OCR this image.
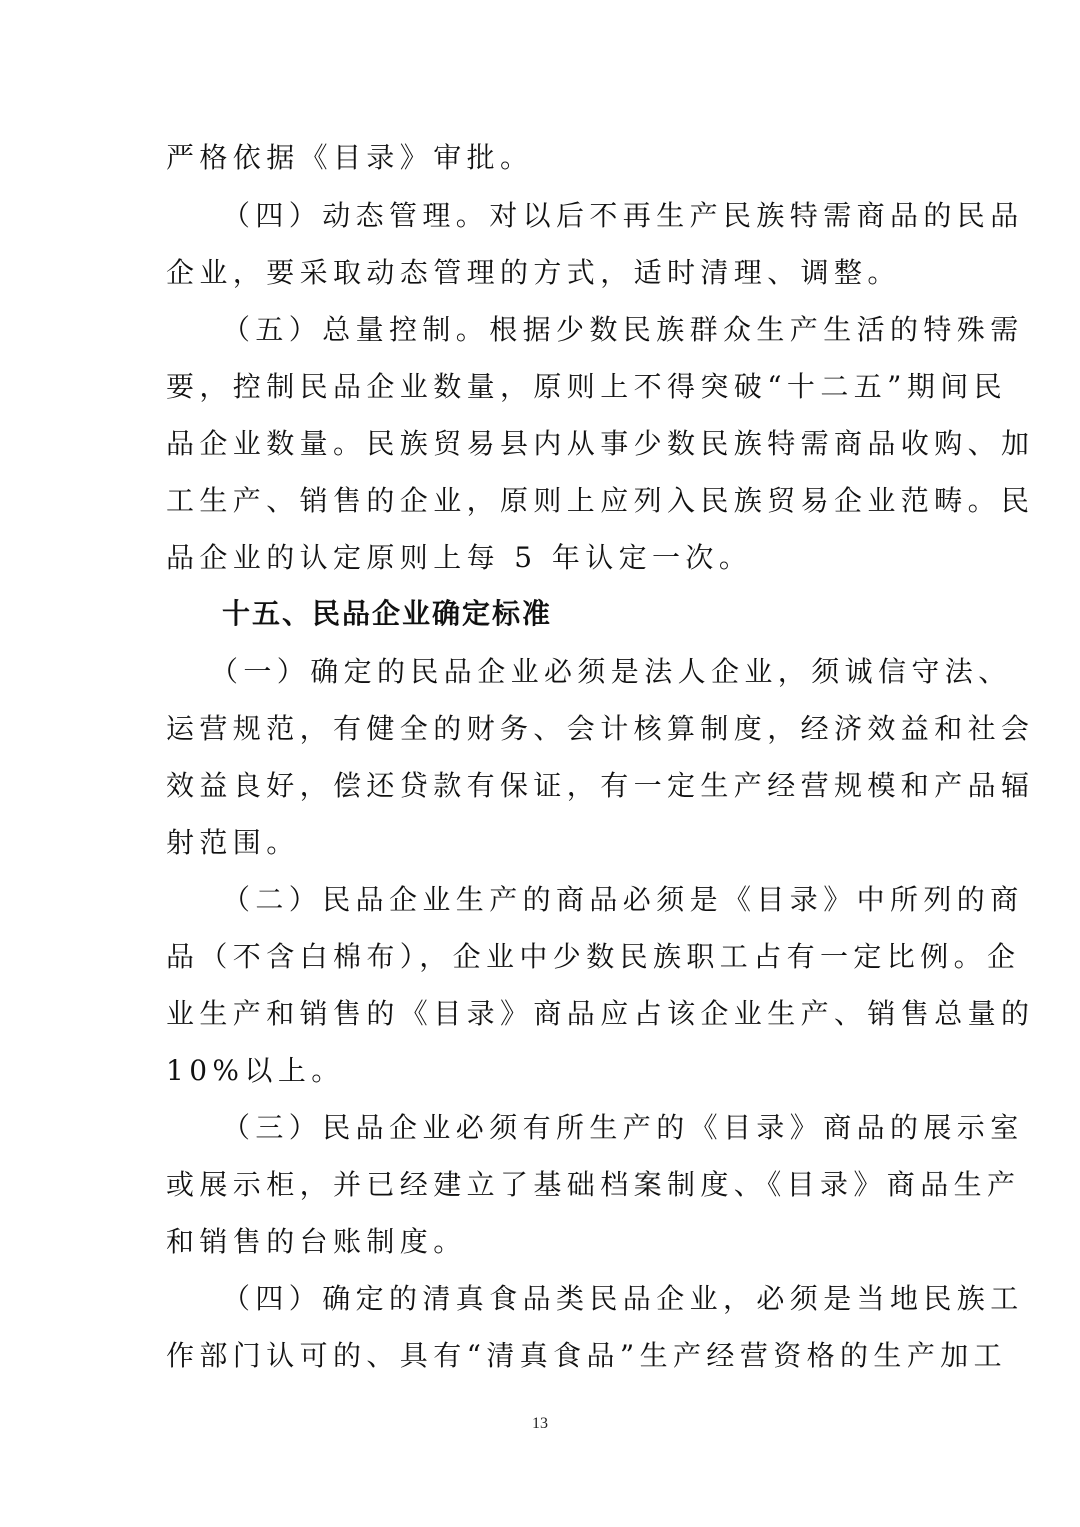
严格依据《目录》审批。
（四）动态管理。对以后不再生产民族特需商品的民品
企业，要采取动态管理的方式，适时清理、调整。
（五）总量控制。根据少数民族群众生产生活的特殊需
要，控制民品企业数量，原则上不得突破“十二五”期间民
品企业数量。民族贸易县内从事少数民族特需商品收购、加
工生产、销售的企业，原则上应列入民族贸易企业范畴。民
品企业的认定原则上每 5 年认定一次。
十五、民品企业确定标准
（一）确定的民品企业必须是法人企业，须诚信守法、
运营规范，有健全的财务、会计核算制度，经济效益和社会
效益良好，偿还贷款有保证，有一定生产经营规模和产品辐
射范围。
（二）民品企业生产的商品必须是《目录》中所列的商
品（不含白棉布），企业中少数民族职工占有一定比例。企
业生产和销售的《目录》商品应占该企业生产、销售总量的
10%以上。
（三）民品企业必须有所生产的《目录》商品的展示室
或展示柜，并已经建立了基础档案制度、《目录》商品生产
和销售的台账制度。
（四）确定的清真食品类民品企业，必须是当地民族工
作部门认可的、具有“清真食品”生产经营资格的生产加工
13
